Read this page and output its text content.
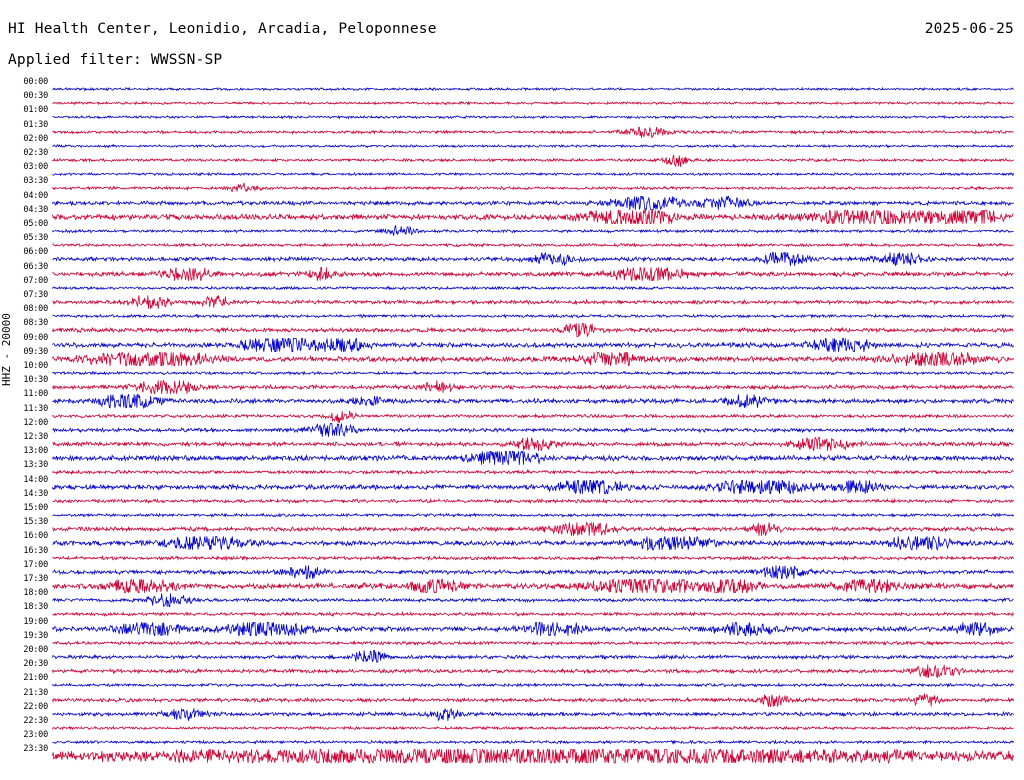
HI Health Center, Leonidio, Arcadia, Peloponnese	2025-06-25
Applied filter: WWSSN-SP
HHZ - 20000
00:00
00:30
01:00
01:30
02:00
02:30
03:00
03:30
04:00
04:30
05:00
05:30
06:00
06:30
07:00
07:30
08:00
08:30
09:00
09:30
10:00
10:30
11:00
11:30
12:00
12:30
13:00
13:30
14:00
14:30
15:00
15:30
16:00
16:30
17:00
17:30
18:00
18:30
19:00
19:30
20:00
20:30
21:00
21:30
22:00
22:30
23:00
23:30
